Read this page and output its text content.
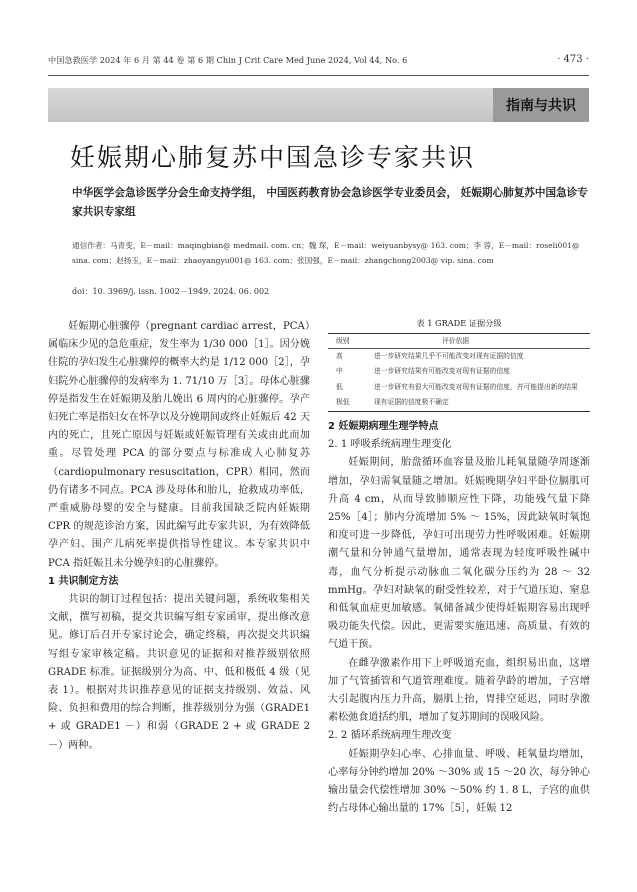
中国急救医学 2024 年 6 月 第 44 卷 第 6 期 Chin J Crit Care Med June 2024, Vol 44, No. 6	· 473 ·
指南与共识
妊娠期心肺复苏中国急诊专家共识
中华医学会急诊医学分会生命支持学组， 中国医药教育协会急诊医学专业委员会， 妊娠期心肺复苏中国急诊专家共识专家组
通信作者：马青变，E－mail：maqingbian@ medmail. com. cn；魏 琛，E－mail：weiyuanbysy@ 163. com；李 蓉，E－mail：roseli001@ sina. com；赵扬玉，E－mail：zhaoyangyu001@ 163. com；张国强，E－mail：zhangchong2003@ vip. sina. com
doi：10. 3969/j. issn. 1002－1949. 2024. 06. 002

妊娠期心脏骤停（pregnant cardiac arrest，PCA）属临床少见的急危重症，发生率为 1/30 000［1］。因分娩住院的孕妇发生心脏骤停的概率大约是 1/12 000［2］，孕妇院外心脏骤停的发病率为 1. 71/10 万［3］。母体心脏骤停是指发生在妊娠期及胎儿娩出 6 周内的心脏骤停。孕产妇死亡率是指妇女在怀孕以及分娩期间或终止妊娠后 42 天内的死亡，且死亡原因与妊娠或妊娠管理有关或由此而加重。尽管处理 PCA 的部分要点与标准成人心肺复苏（cardiopulmonary resuscitation，CPR）相同，然而仍有诸多不同点。PCA 涉及母体和胎儿，抢救成功率低，严重威胁母婴的安全与健康。目前我国缺乏院内妊娠期 CPR 的规范诊治方案，因此编写此专家共识，为有效降低孕产妇、围产儿病死率提供指导性建议。本专家共识中 PCA 指妊娠且未分娩孕妇的心脏骤停。

1 共识制定方法

共识的制订过程包括：提出关键问题，系统收集相关文献，撰写初稿，提交共识编写组专家函审，提出修改意见。修订后召开专家讨论会，确定终稿，再次提交共识编写组专家审核定稿。共识意见的证据和对推荐级别依照 GRADE 标准。证据级别分为高、中、低和极低 4 级（见表 1）。根据对共识推荐意见的证据支持级别、效益、风险、负担和费用的综合判断，推荐级别分为强（GRADE1 + 或 GRADE1 －）和弱（GRADE 2 + 或 GRADE 2 －）两种。

表 1 GRADE 证据分级
级别	评价依据
高	进一步研究结果几乎不可能改变对现有证据的信度
中	进一步研究结果有可能改变对现有证据的信度
低	进一步研究有很大可能改变对现有证据的信度，并可能提出新的结果
极低	现有证据的信度极不确定

2 妊娠期病理生理学特点

2. 1 呼吸系统病理生理变化

妊娠期间，胎盘循环血容量及胎儿耗氧量随孕周逐渐增加，孕妇需氧量随之增加。妊娠晚期孕妇平卧位膈肌可升高 4 cm，从而导致肺顺应性下降，功能残气量下降 25%［4］；肺内分流增加 5% ～ 15%，因此缺氧时氧饱和度可进一步降低，孕妇可出现劳力性呼吸困难。妊娠期潮气量和分钟通气量增加，通常表现为轻度呼吸性碱中毒，血气分析提示动脉血二氧化碳分压约为 28 ～ 32 mmHg。孕妇对缺氧的耐受性较差，对于气道压迫、窒息和低氧血症更加敏感。氧储备减少使得妊娠期容易出现呼吸功能失代偿。因此，更需要实施迅速、高质量、有效的气道干预。

在雌孕激素作用下上呼吸道充血，组织易出血，这增加了气管插管和气道管理难度。随着孕龄的增加，子宫增大引起腹内压力升高，膈肌上抬，胃排空延迟，同时孕激素松弛食道括约肌，增加了复苏期间的误吸风险。

2. 2 循环系统病理生理改变

妊娠期孕妇心率、心排血量、呼吸、耗氧量均增加，心率每分钟约增加 20% ～30% 或 15 ～20 次，每分钟心输出量会代偿性增加 30% ～50% 约 1. 8 L，子宫的血供约占母体心输出量的 17%［5］，妊娠 12
